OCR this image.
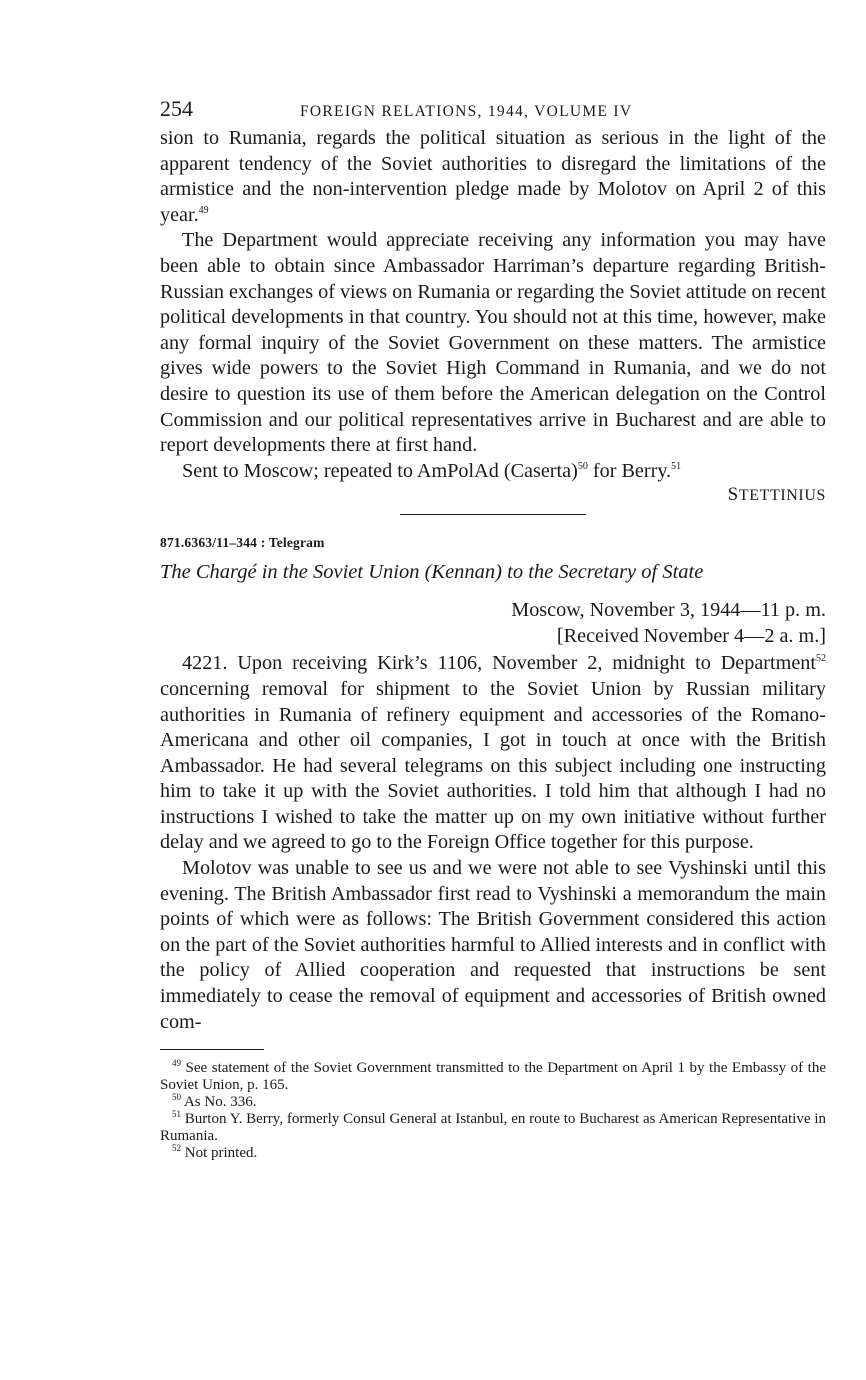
254	FOREIGN RELATIONS, 1944, VOLUME IV

sion to Rumania, regards the political situation as serious in the light of the apparent tendency of the Soviet authorities to disregard the limitations of the armistice and the non-intervention pledge made by Molotov on April 2 of this year.$^{49}$

The Department would appreciate receiving any information you may have been able to obtain since Ambassador Harriman’s departure regarding British-Russian exchanges of views on Rumania or regarding the Soviet attitude on recent political developments in that country. You should not at this time, however, make any formal inquiry of the Soviet Government on these matters. The armistice gives wide powers to the Soviet High Command in Rumania, and we do not desire to question its use of them before the American delegation on the Control Commission and our political representatives arrive in Bucharest and are able to report developments there at first hand.

Sent to Moscow; repeated to AmPolAd (Caserta)$^{50}$ for Berry.$^{51}$

STETTINIUS
871.6363/11–344 : Telegram
The Chargé in the Soviet Union (Kennan) to the Secretary of State
Moscow, November 3, 1944—11 p. m.
[Received November 4—2 a. m.]

4221. Upon receiving Kirk’s 1106, November 2, midnight to Department$^{52}$ concerning removal for shipment to the Soviet Union by Russian military authorities in Rumania of refinery equipment and accessories of the Romano-Americana and other oil companies, I got in touch at once with the British Ambassador. He had several telegrams on this subject including one instructing him to take it up with the Soviet authorities. I told him that although I had no instructions I wished to take the matter up on my own initiative without further delay and we agreed to go to the Foreign Office together for this purpose.

Molotov was unable to see us and we were not able to see Vyshinski until this evening. The British Ambassador first read to Vyshinski a memorandum the main points of which were as follows: The British Government considered this action on the part of the Soviet authorities harmful to Allied interests and in conflict with the policy of Allied cooperation and requested that instructions be sent immediately to cease the removal of equipment and accessories of British owned com-

$^{49}$ See statement of the Soviet Government transmitted to the Department on April 1 by the Embassy of the Soviet Union, p. 165.

$^{50}$ As No. 336.

$^{51}$ Burton Y. Berry, formerly Consul General at Istanbul, en route to Bucharest as American Representative in Rumania.

$^{52}$ Not printed.
